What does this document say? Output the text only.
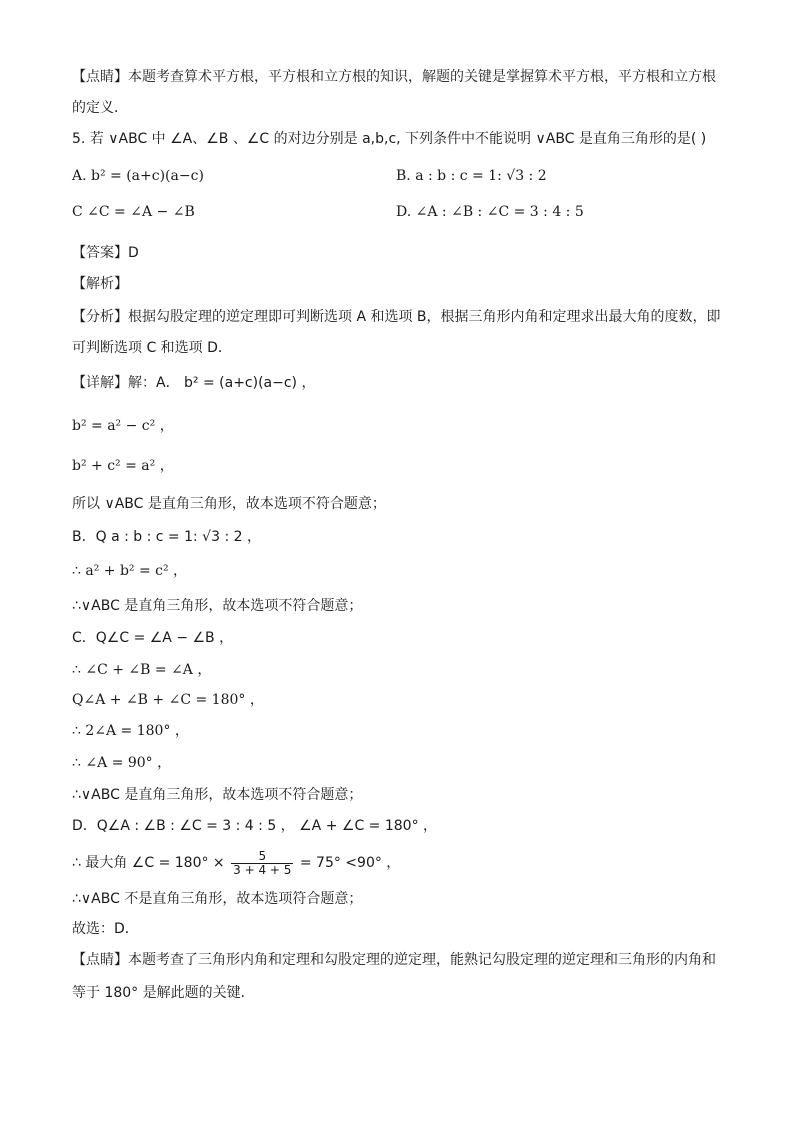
【点睛】本题考查算术平方根，平方根和立方根的知识，解题的关键是掌握算术平方根，平方根和立方根
的定义．
5. 若 ∨ABC 中 ∠A、∠B 、∠C 的对边分别是 a,b,c, 下列条件中不能说明 ∨ABC 是直角三角形的是( )
A. b² = (a+c)(a−c)	B. a : b : c = 1: √3 : 2
C ∠C = ∠A − ∠B	D. ∠A : ∠B : ∠C = 3 : 4 : 5
【答案】D
【解析】
【分析】根据勾股定理的逆定理即可判断选项 A 和选项 B，根据三角形内角和定理求出最大角的度数，即
可判断选项 C 和选项 D．
【详解】解：A． b² = (a+c)(a−c) ，
b² = a² − c² ，
b² + c² = a² ，
所以 ∨ABC 是直角三角形，故本选项不符合题意；
B．Q a : b : c = 1: √3 : 2 ，
∴ a² + b² = c² ，
∴∨ABC 是直角三角形，故本选项不符合题意；
C．Q∠C = ∠A − ∠B ，
∴ ∠C + ∠B = ∠A ，
Q∠A + ∠B + ∠C = 180° ，
∴ 2∠A = 180° ，
∴ ∠A = 90° ，
∴∨ABC 是直角三角形，故本选项不符合题意；
D．Q∠A : ∠B : ∠C = 3 : 4 : 5 ， ∠A + ∠C = 180° ，
∴ 最大角 ∠C = $180^\circ \times \frac{5}{3 + 4 + 5} = 75^\circ <90^\circ$ ，
∴∨ABC 不是直角三角形，故本选项符合题意；
故选：D．
【点睛】本题考查了三角形内角和定理和勾股定理的逆定理，能熟记勾股定理的逆定理和三角形的内角和
等于 180° 是解此题的关键．
